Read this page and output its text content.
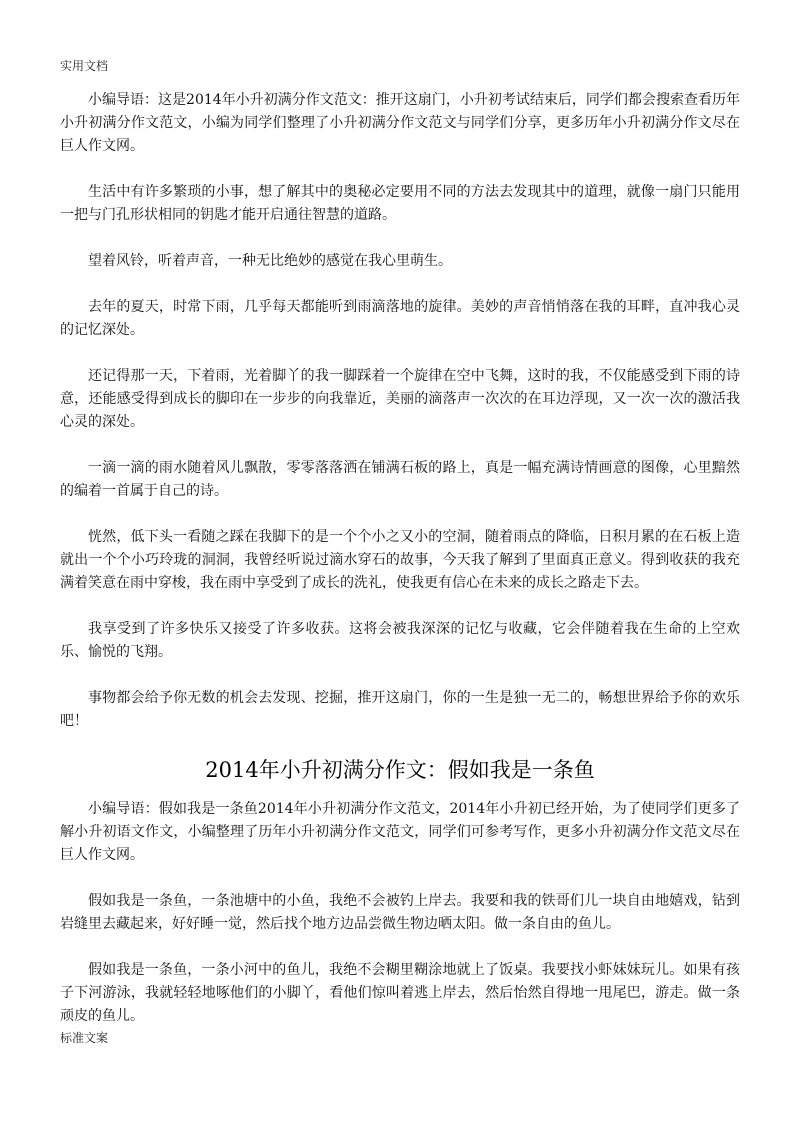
实用文档

小编导语：这是2014年小升初满分作文范文：推开这扇门，小升初考试结束后，同学们都会搜索查看历年小升初满分作文范文，小编为同学们整理了小升初满分作文范文与同学们分享，更多历年小升初满分作文尽在巨人作文网。

生活中有许多繁琐的小事，想了解其中的奥秘必定要用不同的方法去发现其中的道理，就像一扇门只能用一把与门孔形状相同的钥匙才能开启通往智慧的道路。

望着风铃，听着声音，一种无比绝妙的感觉在我心里萌生。

去年的夏天，时常下雨，几乎每天都能听到雨滴落地的旋律。美妙的声音悄悄落在我的耳畔，直冲我心灵的记忆深处。

还记得那一天，下着雨，光着脚丫的我一脚踩着一个旋律在空中飞舞，这时的我，不仅能感受到下雨的诗意，还能感受得到成长的脚印在一步步的向我靠近，美丽的滴落声一次次的在耳边浮现，又一次一次的激活我心灵的深处。

一滴一滴的雨水随着风儿飘散，零零落落洒在铺满石板的路上，真是一幅充满诗情画意的图像，心里黯然的编着一首属于自己的诗。

恍然，低下头一看随之踩在我脚下的是一个个小之又小的空洞，随着雨点的降临，日积月累的在石板上造就出一个个小巧玲珑的洞洞，我曾经听说过滴水穿石的故事，今天我了解到了里面真正意义。得到收获的我充满着笑意在雨中穿梭，我在雨中享受到了成长的洗礼，使我更有信心在未来的成长之路走下去。

我享受到了许多快乐又接受了许多收获。这将会被我深深的记忆与收藏，它会伴随着我在生命的上空欢乐、愉悦的飞翔。

事物都会给予你无数的机会去发现、挖掘，推开这扇门，你的一生是独一无二的，畅想世界给予你的欢乐吧！

2014年小升初满分作文：假如我是一条鱼

小编导语：假如我是一条鱼2014年小升初满分作文范文，2014年小升初已经开始，为了使同学们更多了解小升初语文作文，小编整理了历年小升初满分作文范文，同学们可参考写作，更多小升初满分作文范文尽在巨人作文网。

假如我是一条鱼，一条池塘中的小鱼，我绝不会被钓上岸去。我要和我的铁哥们儿一块自由地嬉戏，钻到岩缝里去藏起来，好好睡一觉，然后找个地方边品尝微生物边晒太阳。做一条自由的鱼儿。

假如我是一条鱼，一条小河中的鱼儿，我绝不会糊里糊涂地就上了饭桌。我要找小虾妹妹玩儿。如果有孩子下河游泳，我就轻轻地啄他们的小脚丫，看他们惊叫着逃上岸去，然后怡然自得地一甩尾巴，游走。做一条顽皮的鱼儿。

标准文案
